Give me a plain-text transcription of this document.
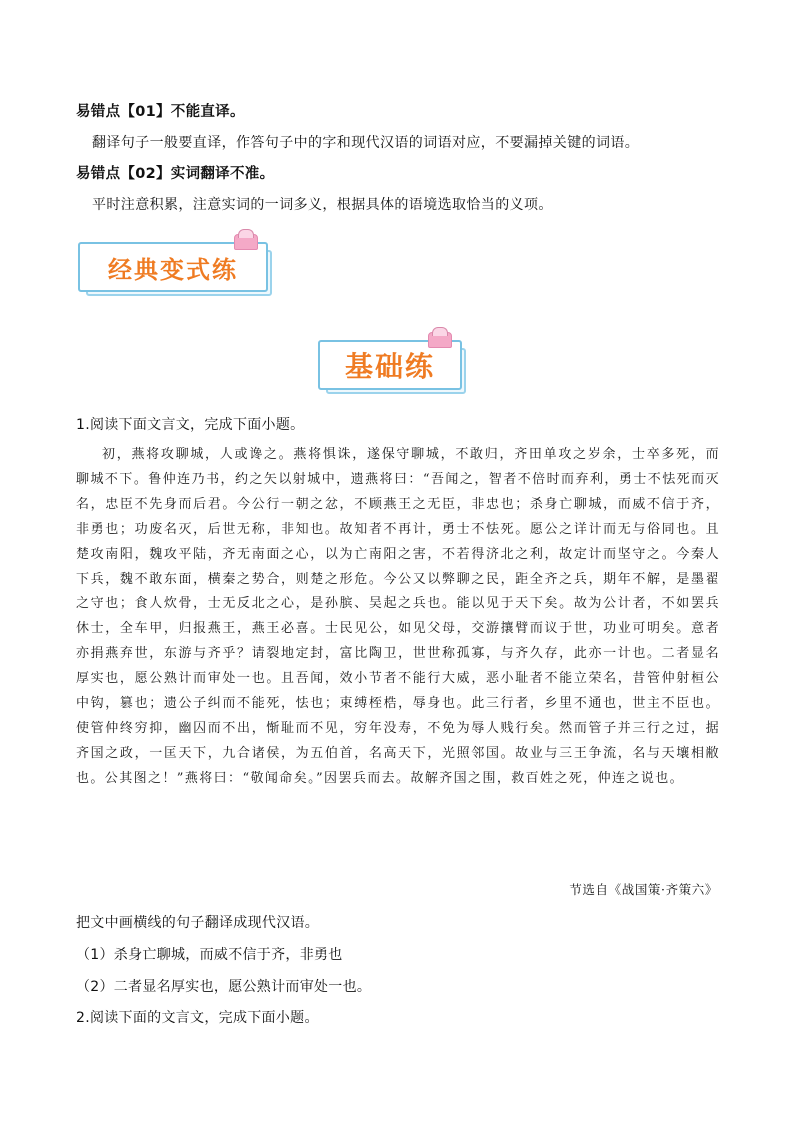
易错点【01】不能直译。
翻译句子一般要直译，作答句子中的字和现代汉语的词语对应，不要漏掉关键的词语。
易错点【02】实词翻译不准。
平时注意积累，注意实词的一词多义，根据具体的语境选取恰当的义项。
经典变式练
基础练
1.阅读下面文言文，完成下面小题。
初，燕将攻聊城，人或谗之。燕将惧诛，遂保守聊城，不敢归，齐田单攻之岁余，士卒多死，而聊城不下。鲁仲连乃书，约之矢以射城中，遗燕将曰：“吾闻之，智者不倍时而弃利，勇士不怯死而灭名，忠臣不先身而后君。今公行一朝之忿，不顾燕王之无臣，非忠也；杀身亡聊城，而威不信于齐，非勇也；功废名灭，后世无称，非知也。故知者不再计，勇士不怯死。愿公之详计而无与俗同也。且楚攻南阳，魏攻平陆，齐无南面之心，以为亡南阳之害，不若得济北之利，故定计而坚守之。今秦人下兵，魏不敢东面，横秦之势合，则楚之形危。今公又以弊聊之民，距全齐之兵，期年不解，是墨翟之守也；食人炊骨，士无反北之心，是孙膑、吴起之兵也。能以见于天下矣。故为公计者，不如罢兵休士，全车甲，归报燕王，燕王必喜。士民见公，如见父母，交游攘臂而议于世，功业可明矣。意者亦捐燕弃世，东游与齐乎？请裂地定封，富比陶卫，世世称孤寡，与齐久存，此亦一计也。二者显名厚实也，愿公熟计而审处一也。且吾闻，效小节者不能行大威，恶小耻者不能立荣名，昔管仲射桓公中钩，篡也；遗公子纠而不能死，怯也；束缚桎梏，辱身也。此三行者，乡里不通也，世主不臣也。使管仲终穷抑，幽囚而不出，惭耻而不见，穷年没寿，不免为辱人贱行矣。然而管子并三行之过，据齐国之政，一匡天下，九合诸侯，为五伯首，名高天下，光照邻国。故业与三王争流，名与天壤相敝也。公其图之！”燕将曰：“敬闻命矣。”因罢兵而去。故解齐国之围，救百姓之死，仲连之说也。
节选自《战国策·齐策六》
把文中画横线的句子翻译成现代汉语。
（1）杀身亡聊城，而威不信于齐，非勇也
（2）二者显名厚实也，愿公熟计而审处一也。
2.阅读下面的文言文，完成下面小题。
